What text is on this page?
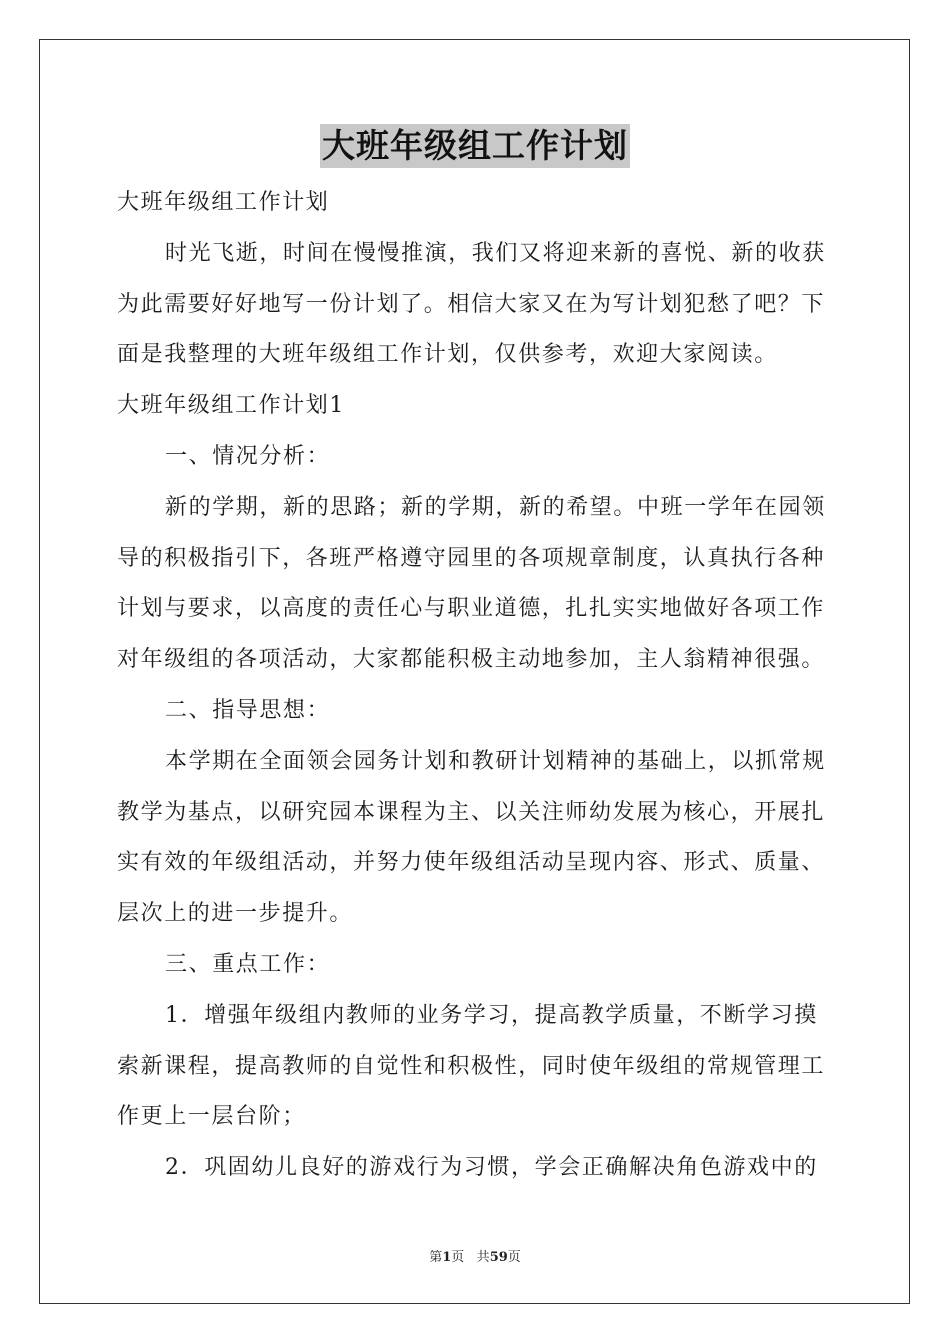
大班年级组工作计划
大班年级组工作计划
时光飞逝，时间在慢慢推演，我们又将迎来新的喜悦、新的收获
为此需要好好地写一份计划了。相信大家又在为写计划犯愁了吧？下
面是我整理的大班年级组工作计划，仅供参考，欢迎大家阅读。
大班年级组工作计划1
一、情况分析：
新的学期，新的思路；新的学期，新的希望。中班一学年在园领
导的积极指引下，各班严格遵守园里的各项规章制度，认真执行各种
计划与要求，以高度的责任心与职业道德，扎扎实实地做好各项工作
对年级组的各项活动，大家都能积极主动地参加，主人翁精神很强。
二、指导思想：
本学期在全面领会园务计划和教研计划精神的基础上，以抓常规
教学为基点，以研究园本课程为主、以关注师幼发展为核心，开展扎
实有效的年级组活动，并努力使年级组活动呈现内容、形式、质量、
层次上的进一步提升。
三、重点工作：
1．增强年级组内教师的业务学习，提高教学质量，不断学习摸
索新课程，提高教师的自觉性和积极性，同时使年级组的常规管理工
作更上一层台阶；
2．巩固幼儿良好的游戏行为习惯，学会正确解决角色游戏中的
第1页 共59页
